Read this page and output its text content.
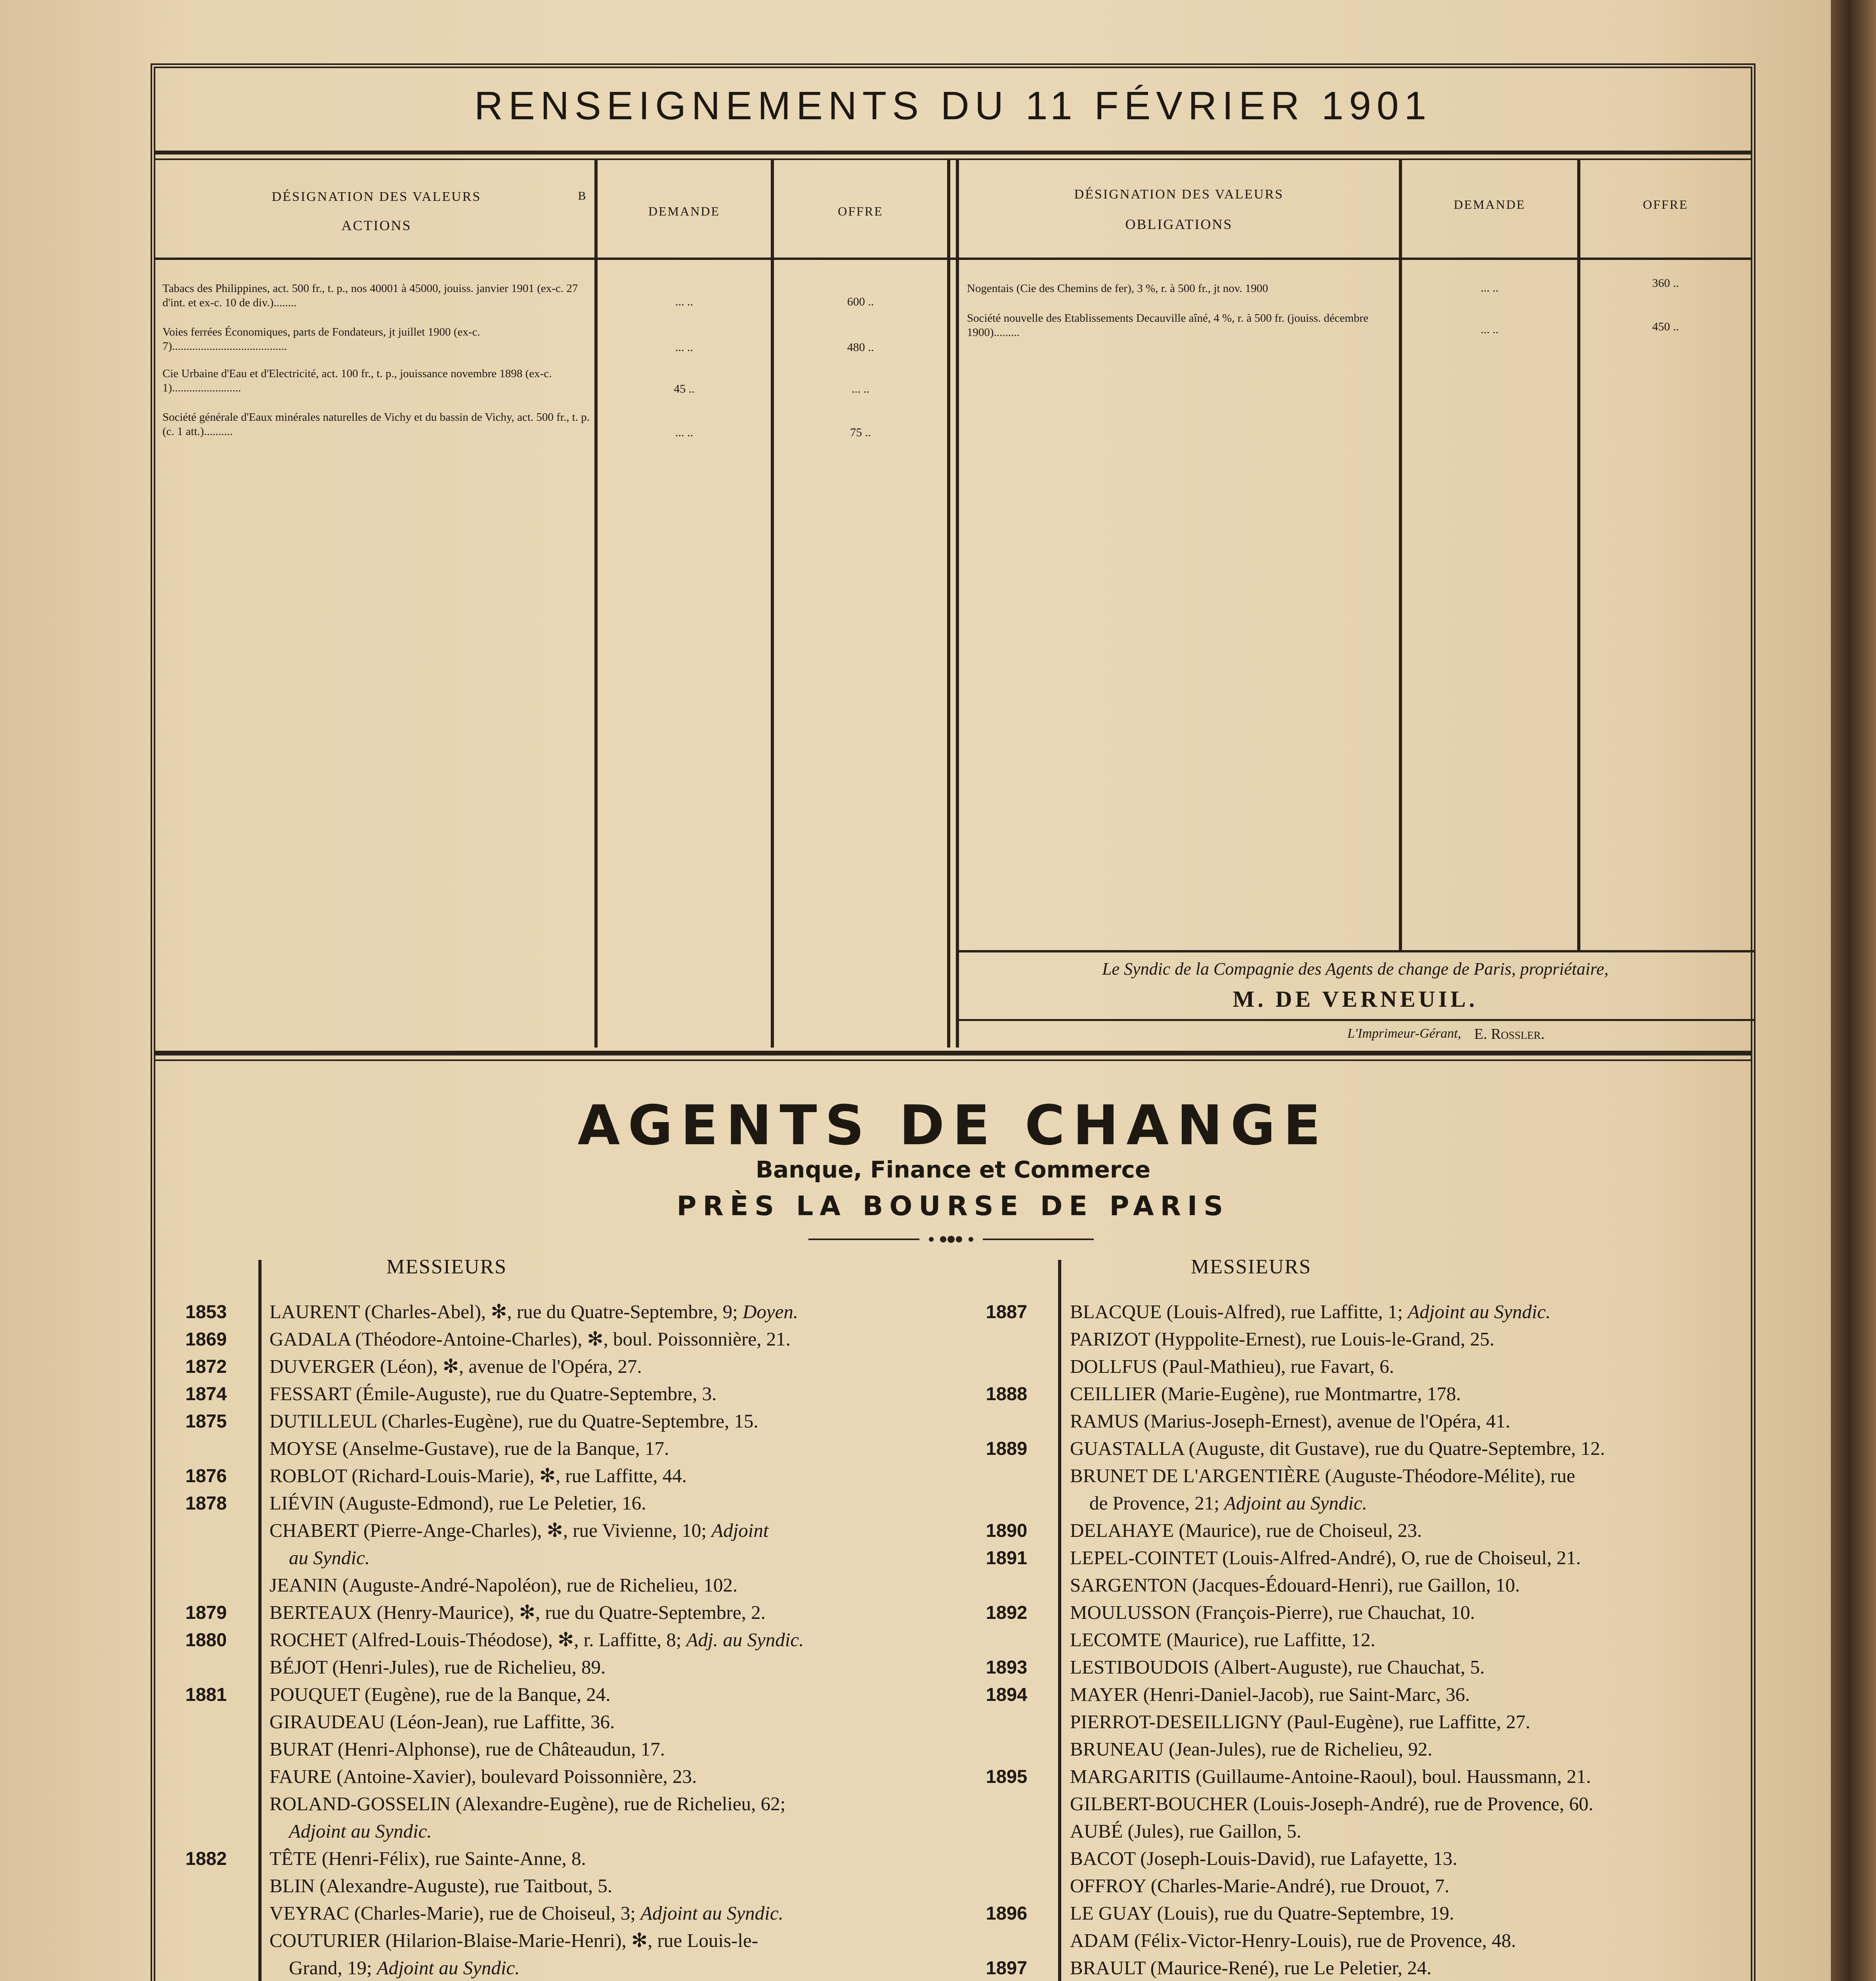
RENSEIGNEMENTS DU 11 FÉVRIER 1901
DÉSIGNATION DES VALEURS	B
ACTIONS
DEMANDE	OFFRE
DÉSIGNATION DES VALEURS
OBLIGATIONS
DEMANDE	OFFRE
Tabacs des Philippines, act. 500 fr., t. p., nos 40001 à 45000, jouiss. janvier 1901 (ex-c. 27 d'int. et ex-c. 10 de div.)........	... ..	600 ..
Voies ferrées Économiques, parts de Fondateurs, jt juillet 1900 (ex-c. 7)........................................	... ..	480 ..
Cie Urbaine d'Eau et d'Electricité, act. 100 fr., t. p., jouissance novembre 1898 (ex-c. 1)........................	45 ..	... ..
Société générale d'Eaux minérales naturelles de Vichy et du bassin de Vichy, act. 500 fr., t. p. (c. 1 att.)..........	... ..	75 ..
Nogentais (Cie des Chemins de fer), 3 %, r. à 500 fr., jt nov. 1900	... ..	360 ..
Société nouvelle des Etablissements Decauville aîné, 4 %, r. à 500 fr. (jouiss. décembre 1900).........	... ..	450 ..
Le Syndic de la Compagnie des Agents de change de Paris, propriétaire,
M. DE VERNEUIL.
L'Imprimeur-Gérant, E. Rossler.
AGENTS DE CHANGE
Banque, Finance et Commerce
PRÈS LA BOURSE DE PARIS
MESSIEURS	MESSIEURS
1853	LAURENT (Charles-Abel), ✻, rue du Quatre-Septembre, 9; Doyen.
1869	GADALA (Théodore-Antoine-Charles), ✻, boul. Poissonnière, 21.
1872	DUVERGER (Léon), ✻, avenue de l'Opéra, 27.
1874	FESSART (Émile-Auguste), rue du Quatre-Septembre, 3.
1875	DUTILLEUL (Charles-Eugène), rue du Quatre-Septembre, 15.
MOYSE (Anselme-Gustave), rue de la Banque, 17.
1876	ROBLOT (Richard-Louis-Marie), ✻, rue Laffitte, 44.
1878	LIÉVIN (Auguste-Edmond), rue Le Peletier, 16.
CHABERT (Pierre-Ange-Charles), ✻, rue Vivienne, 10; Adjoint
au Syndic.
JEANIN (Auguste-André-Napoléon), rue de Richelieu, 102.
1879	BERTEAUX (Henry-Maurice), ✻, rue du Quatre-Septembre, 2.
1880	ROCHET (Alfred-Louis-Théodose), ✻, r. Laffitte, 8; Adj. au Syndic.
BÉJOT (Henri-Jules), rue de Richelieu, 89.
1881	POUQUET (Eugène), rue de la Banque, 24.
GIRAUDEAU (Léon-Jean), rue Laffitte, 36.
BURAT (Henri-Alphonse), rue de Châteaudun, 17.
FAURE (Antoine-Xavier), boulevard Poissonnière, 23.
ROLAND-GOSSELIN (Alexandre-Eugène), rue de Richelieu, 62;
Adjoint au Syndic.
1882	TÊTE (Henri-Félix), rue Sainte-Anne, 8.
BLIN (Alexandre-Auguste), rue Taitbout, 5.
VEYRAC (Charles-Marie), rue de Choiseul, 3; Adjoint au Syndic.
COUTURIER (Hilarion-Blaise-Marie-Henri), ✻, rue Louis-le-
Grand, 19; Adjoint au Syndic.

1887	BLACQUE (Louis-Alfred), rue Laffitte, 1; Adjoint au Syndic.
PARIZOT (Hyppolite-Ernest), rue Louis-le-Grand, 25.
DOLLFUS (Paul-Mathieu), rue Favart, 6.
1888	CEILLIER (Marie-Eugène), rue Montmartre, 178.
RAMUS (Marius-Joseph-Ernest), avenue de l'Opéra, 41.
1889	GUASTALLA (Auguste, dit Gustave), rue du Quatre-Septembre, 12.
BRUNET DE L'ARGENTIÈRE (Auguste-Théodore-Mélite), rue
de Provence, 21; Adjoint au Syndic.
1890	DELAHAYE (Maurice), rue de Choiseul, 23.
1891	LEPEL-COINTET (Louis-Alfred-André), O, rue de Choiseul, 21.
SARGENTON (Jacques-Édouard-Henri), rue Gaillon, 10.
1892	MOULUSSON (François-Pierre), rue Chauchat, 10.
LECOMTE (Maurice), rue Laffitte, 12.
1893	LESTIBOUDOIS (Albert-Auguste), rue Chauchat, 5.
1894	MAYER (Henri-Daniel-Jacob), rue Saint-Marc, 36.
PIERROT-DESEILLIGNY (Paul-Eugène), rue Laffitte, 27.
BRUNEAU (Jean-Jules), rue de Richelieu, 92.
1895	MARGARITIS (Guillaume-Antoine-Raoul), boul. Haussmann, 21.
GILBERT-BOUCHER (Louis-Joseph-André), rue de Provence, 60.
AUBÉ (Jules), rue Gaillon, 5.
BACOT (Joseph-Louis-David), rue Lafayette, 13.
OFFROY (Charles-Marie-André), rue Drouot, 7.
1896	LE GUAY (Louis), rue du Quatre-Septembre, 19.
ADAM (Félix-Victor-Henry-Louis), rue de Provence, 48.
1897	BRAULT (Maurice-René), rue Le Peletier, 24.
